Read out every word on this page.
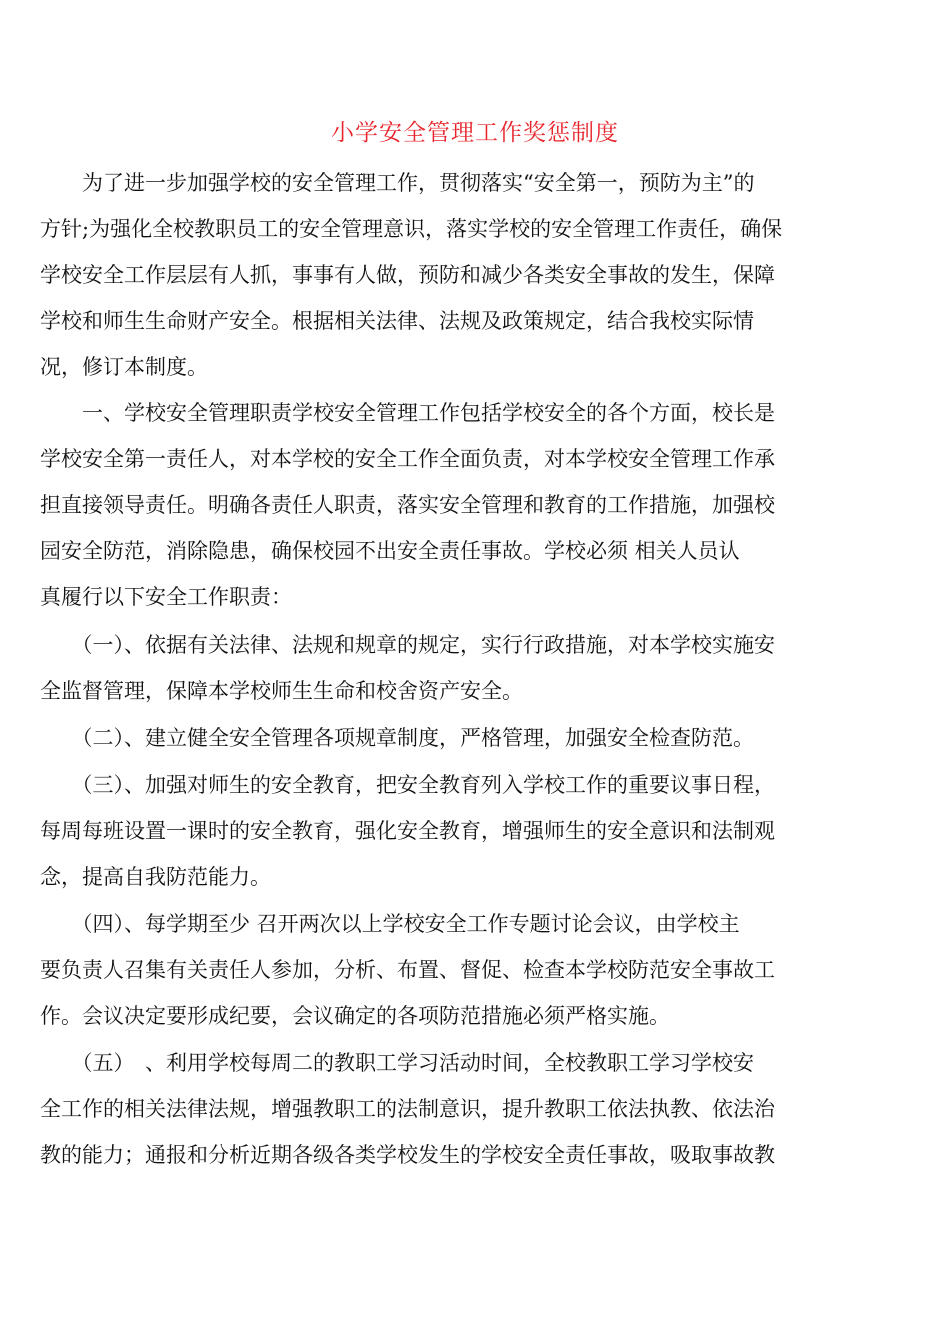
小学安全管理工作奖惩制度

　　为了进一步加强学校的安全管理工作，贯彻落实“安全第一，预防为主”的
方针;为强化全校教职员工的安全管理意识，落实学校的安全管理工作责任，确保
学校安全工作层层有人抓，事事有人做，预防和减少各类安全事故的发生，保障
学校和师生生命财产安全。根据相关法律、法规及政策规定，结合我校实际情
况，修订本制度。

　　一、学校安全管理职责学校安全管理工作包括学校安全的各个方面，校长是
学校安全第一责任人，对本学校的安全工作全面负责，对本学校安全管理工作承
担直接领导责任。明确各责任人职责，落实安全管理和教育的工作措施，加强校
园安全防范，消除隐患，确保校园不出安全责任事故。学校必须 相关人员认
真履行以下安全工作职责：

　　（一）、依据有关法律、法规和规章的规定，实行行政措施，对本学校实施安
全监督管理，保障本学校师生生命和校舍资产安全。

　　（二）、建立健全安全管理各项规章制度，严格管理，加强安全检查防范。

　　（三）、加强对师生的安全教育，把安全教育列入学校工作的重要议事日程，
每周每班设置一课时的安全教育，强化安全教育，增强师生的安全意识和法制观
念，提高自我防范能力。

　　（四）、每学期至少 召开两次以上学校安全工作专题讨论会议，由学校主
要负责人召集有关责任人参加，分析、布置、督促、检查本学校防范安全事故工
作。会议决定要形成纪要，会议确定的各项防范措施必须严格实施。

　　（五）　、利用学校每周二的教职工学习活动时间，全校教职工学习学校安
全工作的相关法律法规，增强教职工的法制意识，提升教职工依法执教、依法治
教的能力；通报和分析近期各级各类学校发生的学校安全责任事故，吸取事故教
